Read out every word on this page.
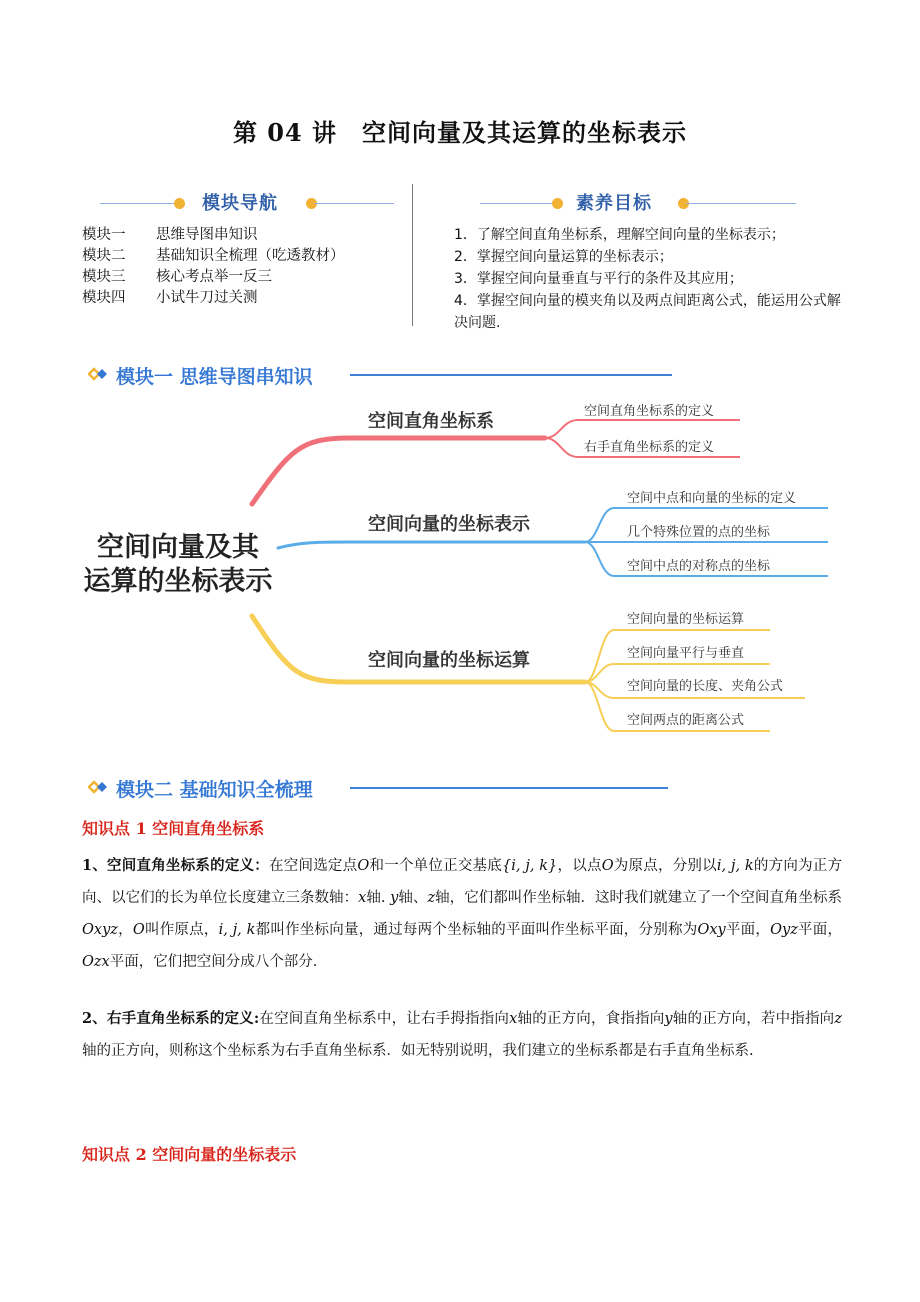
第 04 讲　空间向量及其运算的坐标表示
模块导航
模块一 思维导图串知识
模块二 基础知识全梳理（吃透教材）
模块三 核心考点举一反三
模块四 小试牛刀过关测
素养目标
1．了解空间直角坐标系，理解空间向量的坐标表示；
2．掌握空间向量运算的坐标表示；
3．掌握空间向量垂直与平行的条件及其应用；
4．掌握空间向量的模夹角以及两点间距离公式，能运用公式解决问题.
模块一 思维导图串知识
空间向量及其
运算的坐标表示
空间直角坐标系
空间直角坐标系的定义
右手直角坐标系的定义
空间向量的坐标表示
空间中点和向量的坐标的定义
几个特殊位置的点的坐标
空间中点的对称点的坐标
空间向量的坐标运算
空间向量的坐标运算
空间向量平行与垂直
空间向量的长度、夹角公式
空间两点的距离公式
模块二 基础知识全梳理
知识点 1 空间直角坐标系
1、空间直角坐标系的定义：在空间选定点O和一个单位正交基底{i, j, k}，以点O为原点，分别以i, j, k的方向为正方向、以它们的长为单位长度建立三条数轴：x轴. y轴、z轴，它们都叫作坐标轴．这时我们就建立了一个空间直角坐标系Oxyz，O叫作原点，i, j, k都叫作坐标向量，通过每两个坐标轴的平面叫作坐标平面，分别称为Oxy平面，Oyz平面，Ozx平面，它们把空间分成八个部分.
2、右手直角坐标系的定义:在空间直角坐标系中，让右手拇指指向x轴的正方向，食指指向y轴的正方向，若中指指向z轴的正方向，则称这个坐标系为右手直角坐标系．如无特别说明，我们建立的坐标系都是右手直角坐标系.
知识点 2 空间向量的坐标表示
